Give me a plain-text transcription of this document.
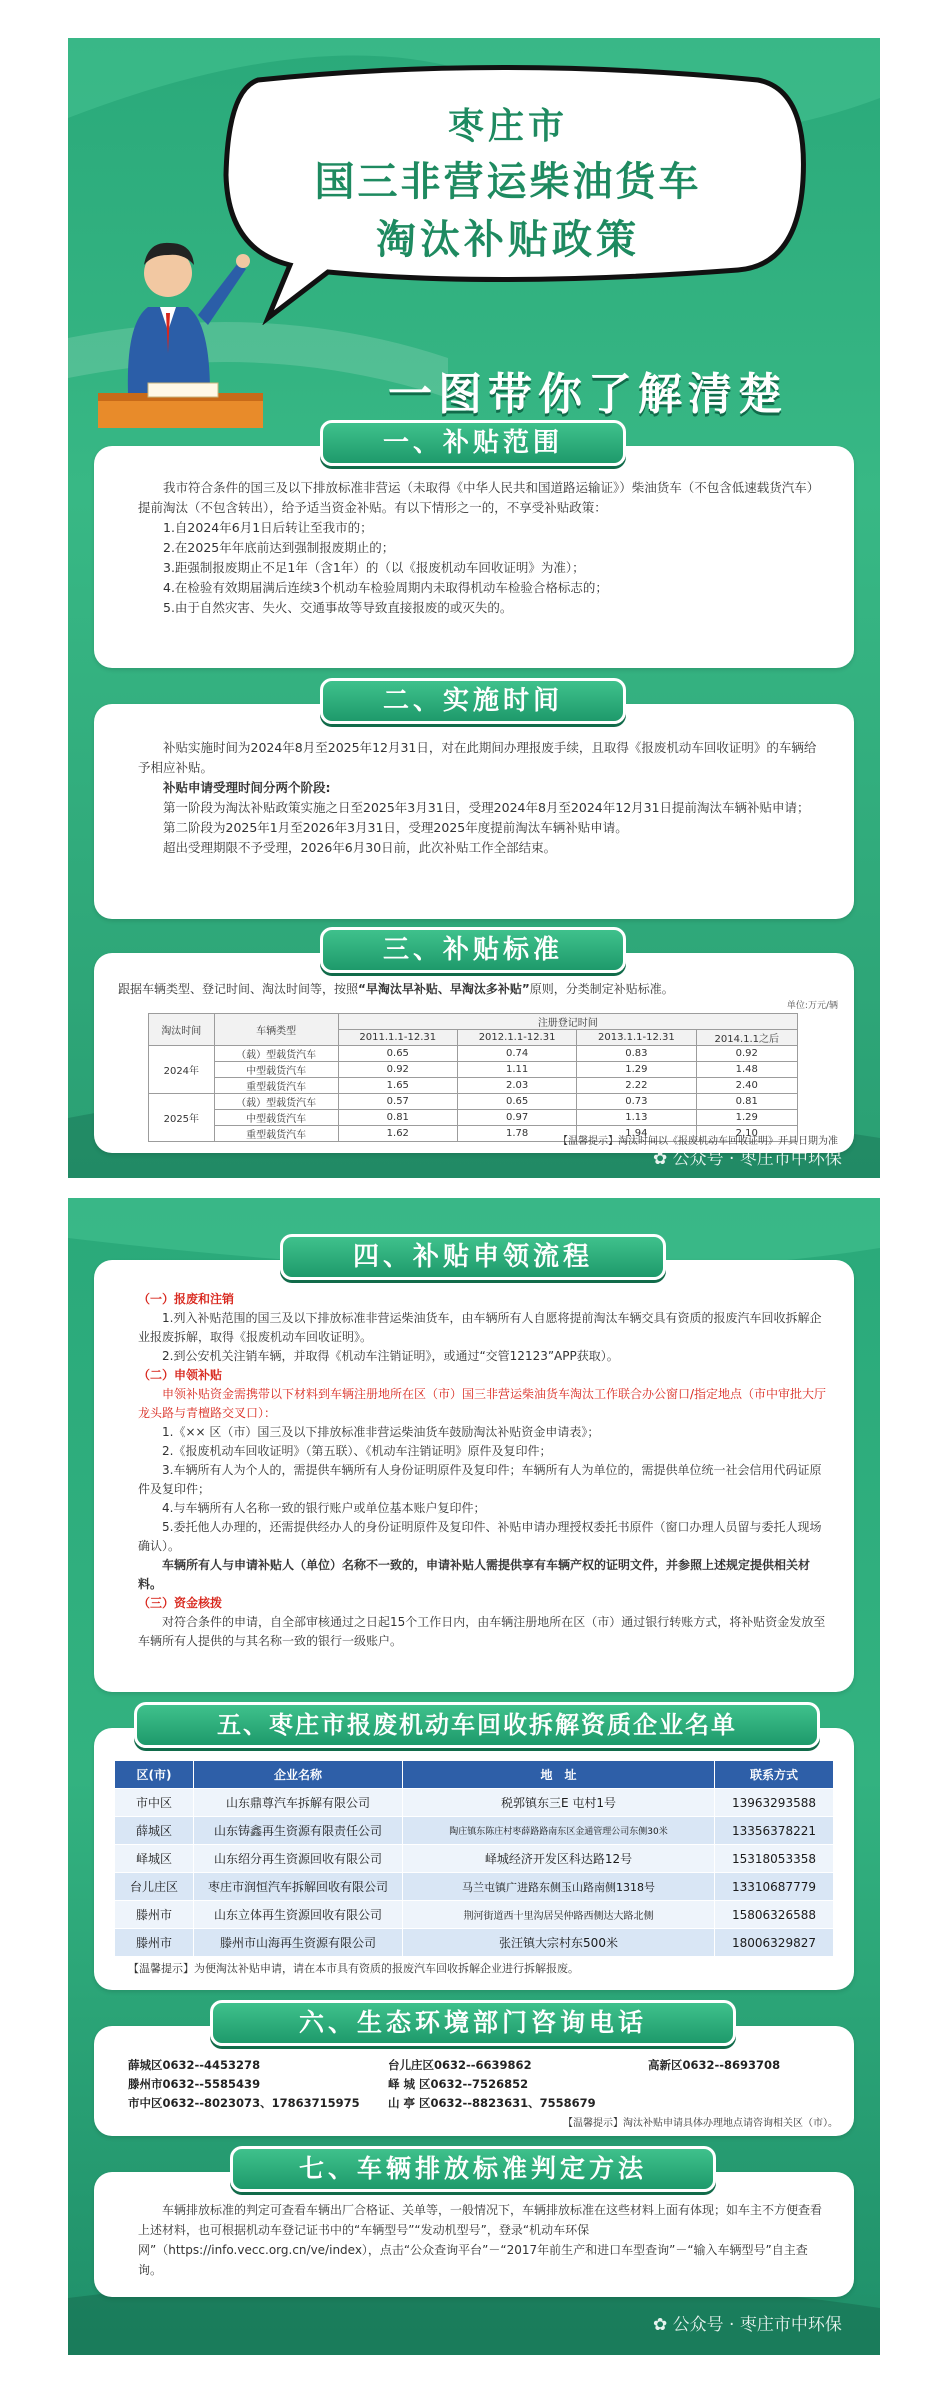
枣庄市
国三非营运柴油货车
淘汰补贴政策
一图带你了解清楚
一、补贴范围

我市符合条件的国三及以下排放标准非营运（未取得《中华人民共和国道路运输证》）柴油货车（不包含低速载货汽车）提前淘汰（不包含转出），给予适当资金补贴。有以下情形之一的，不享受补贴政策：

1.自2024年6月1日后转让至我市的；

2.在2025年年底前达到强制报废期止的；

3.距强制报废期止不足1年（含1年）的（以《报废机动车回收证明》为准）；

4.在检验有效期届满后连续3个机动车检验周期内未取得机动车检验合格标志的；

5.由于自然灾害、失火、交通事故等导致直接报废的或灭失的。

二、实施时间

补贴实施时间为2024年8月至2025年12月31日，对在此期间办理报废手续，且取得《报废机动车回收证明》的车辆给予相应补贴。

补贴申请受理时间分两个阶段:

第一阶段为淘汰补贴政策实施之日至2025年3月31日，受理2024年8月至2024年12月31日提前淘汰车辆补贴申请；

第二阶段为2025年1月至2026年3月31日，受理2025年度提前淘汰车辆补贴申请。

超出受理期限不予受理，2026年6月30日前，此次补贴工作全部结束。

三、补贴标准
跟据车辆类型、登记时间、淘汰时间等，按照“早淘汰早补贴、早淘汰多补贴”原则，分类制定补贴标准。
单位:万元/辆
淘汰时间	车辆类型	注册登记时间			
		2011.1.1-12.31	2012.1.1-12.31	2013.1.1-12.31	2014.1.1之后
2024年	（载）型载货汽车	0.65	0.74	0.83	0.92
	中型载货汽车	0.92	1.11	1.29	1.48
	重型载货汽车	1.65	2.03	2.22	2.40
2025年	（载）型载货汽车	0.57	0.65	0.73	0.81
	中型载货汽车	0.81	0.97	1.13	1.29
	重型载货汽车	1.62	1.78	1.94	2.10
【温馨提示】淘汰时间以《报废机动车回收证明》开具日期为准
✿ 公众号 · 枣庄市中环保
四、补贴申领流程

（一）报废和注销

1.列入补贴范围的国三及以下排放标准非营运柴油货车，由车辆所有人自愿将提前淘汰车辆交具有资质的报废汽车回收拆解企业报废拆解，取得《报废机动车回收证明》。

2.到公安机关注销车辆，并取得《机动车注销证明》，或通过“交管12123”APP获取）。

（二）申领补贴

申领补贴资金需携带以下材料到车辆注册地所在区（市）国三非营运柴油货车淘汰工作联合办公窗口/指定地点（市中审批大厅龙头路与青檀路交叉口）：

1.《×× 区（市）国三及以下排放标准非营运柴油货车鼓励淘汰补贴资金申请表》；

2.《报废机动车回收证明》（第五联）、《机动车注销证明》原件及复印件；

3.车辆所有人为个人的，需提供车辆所有人身份证明原件及复印件；车辆所有人为单位的，需提供单位统一社会信用代码证原件及复印件；

4.与车辆所有人名称一致的银行账户或单位基本账户复印件；

5.委托他人办理的，还需提供经办人的身份证明原件及复印件、补贴申请办理授权委托书原件（窗口办理人员留与委托人现场确认）。

车辆所有人与申请补贴人（单位）名称不一致的，申请补贴人需提供享有车辆产权的证明文件，并参照上述规定提供相关材料。

（三）资金核拨

对符合条件的申请，自全部审核通过之日起15个工作日内，由车辆注册地所在区（市）通过银行转账方式，将补贴资金发放至车辆所有人提供的与其名称一致的银行一级账户。

五、枣庄市报废机动车回收拆解资质企业名单
区(市)	企业名称	地　址	联系方式
市中区	山东鼎尊汽车拆解有限公司	税郭镇东三E 屯村1号	13963293588
薛城区	山东铸鑫再生资源有限责任公司	陶庄镇东陈庄村枣薛路路南东区金通管理公司东侧30米	13356378221
峄城区	山东绍分再生资源回收有限公司	峄城经济开发区科达路12号	15318053358
台儿庄区	枣庄市润恒汽车拆解回收有限公司	马兰屯镇广进路东侧玉山路南侧1318号	13310687779
滕州市	山东立体再生资源回收有限公司	荆河街道西十里沟居吴仲路西侧达大路北侧	15806326588
滕州市	滕州市山海再生资源有限公司	张汪镇大宗村东500米	18006329827
【温馨提示】为便淘汰补贴申请，请在本市具有资质的报废汽车回收拆解企业进行拆解报废。
六、生态环境部门咨询电话
薛城区0632--4453278	台儿庄区0632--6639862	高新区0632--8693708
滕州市0632--5585439	峄 城 区0632--7526852
市中区0632--8023073、17863715975	山 亭 区0632--8823631、7558679
【温馨提示】淘汰补贴申请具体办理地点请咨询相关区（市）。
七、车辆排放标准判定方法

车辆排放标准的判定可查看车辆出厂合格证、关单等，一般情况下，车辆排放标准在这些材料上面有体现；如车主不方便查看上述材料，也可根据机动车登记证书中的“车辆型号”“发动机型号”，登录“机动车环保网”（https://info.vecc.org.cn/ve/index），点击“公众查询平台”－“2017年前生产和进口车型查询”－“输入车辆型号”自主查询。

✿ 公众号 · 枣庄市中环保
